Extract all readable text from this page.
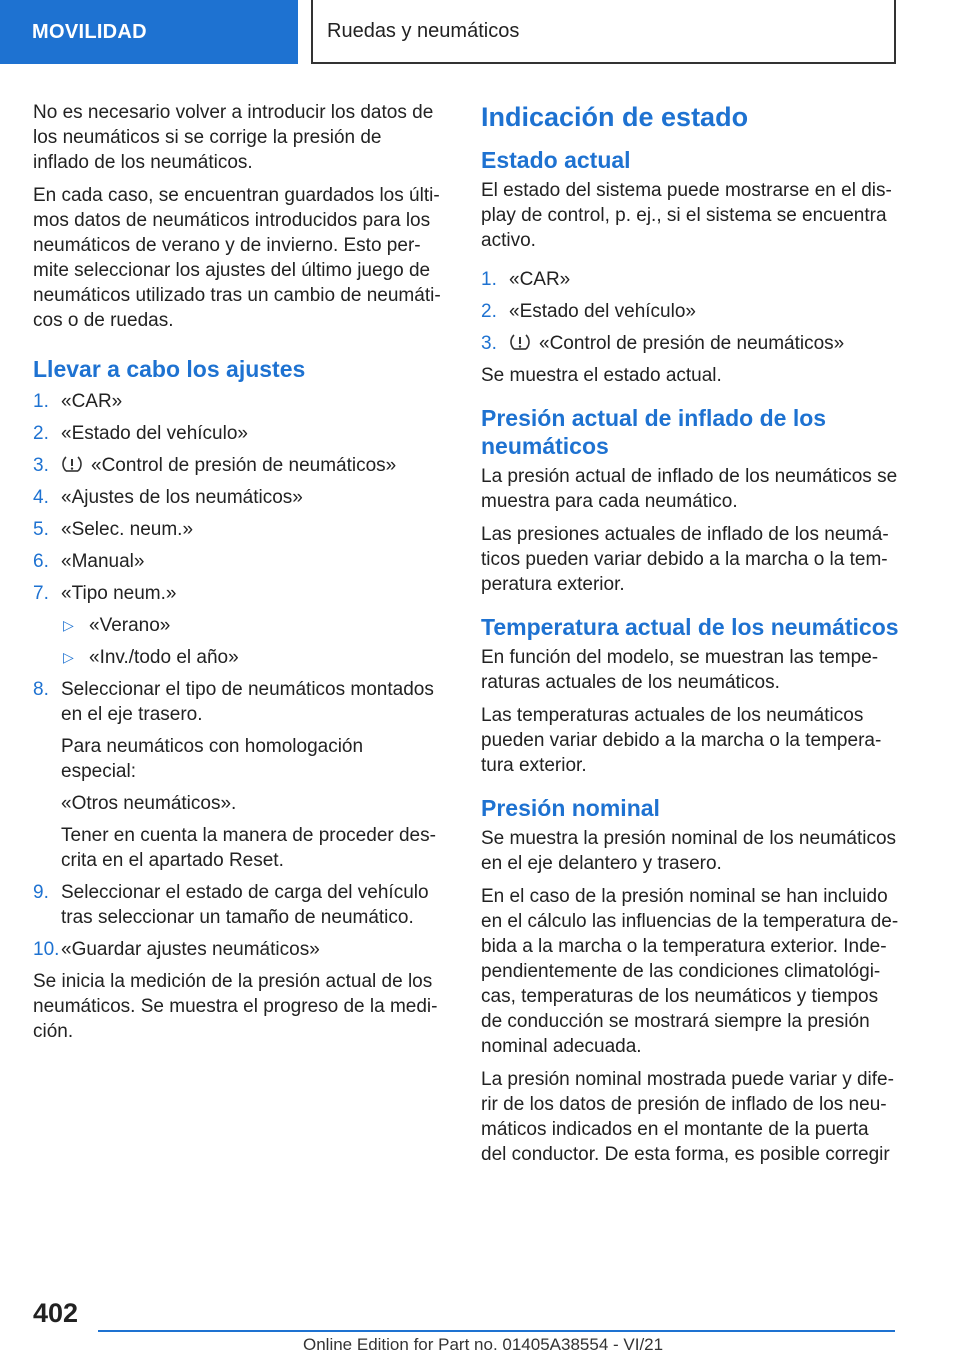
MOVILIDAD	Ruedas y neumáticos

No es necesario volver a introducir los datos de los neumáticos si se corrige la presión de inflado de los neumáticos.

En cada caso, se encuentran guardados los últi-mos datos de neumáticos introducidos para los neumáticos de verano y de invierno. Esto per-mite seleccionar los ajustes del último juego de neumáticos utilizado tras un cambio de neumáti-cos o de ruedas.

Llevar a cabo los ajustes
1. «CAR»
2. «Estado del vehículo»
3. «Control de presión de neumáticos»
4. «Ajustes de los neumáticos»
5. «Selec. neum.»
6. «Manual»
7. «Tipo neum.»
▷ «Verano»
▷ «Inv./todo el año»
8. Seleccionar el tipo de neumáticos montados en el eje trasero.
Para neumáticos con homologación especial:
«Otros neumáticos».
Tener en cuenta la manera de proceder des-crita en el apartado Reset.
9. Seleccionar el estado de carga del vehículo tras seleccionar un tamaño de neumático.
10. «Guardar ajustes neumáticos»

Se inicia la medición de la presión actual de los neumáticos. Se muestra el progreso de la medi-ción.

Indicación de estado
Estado actual

El estado del sistema puede mostrarse en el dis-play de control, p. ej., si el sistema se encuentra activo.

1. «CAR»
2. «Estado del vehículo»
3. «Control de presión de neumáticos»

Se muestra el estado actual.

Presión actual de inflado de los neumáticos

La presión actual de inflado de los neumáticos se muestra para cada neumático.

Las presiones actuales de inflado de los neumá-ticos pueden variar debido a la marcha o la tem-peratura exterior.

Temperatura actual de los neumáticos

En función del modelo, se muestran las tempe-raturas actuales de los neumáticos.

Las temperaturas actuales de los neumáticos pueden variar debido a la marcha o la tempera-tura exterior.

Presión nominal

Se muestra la presión nominal de los neumáticos en el eje delantero y trasero.

En el caso de la presión nominal se han incluido en el cálculo las influencias de la temperatura de-bida a la marcha o la temperatura exterior. Inde-pendientemente de las condiciones climatológi-cas, temperaturas de los neumáticos y tiempos de conducción se mostrará siempre la presión nominal adecuada.

La presión nominal mostrada puede variar y dife-rir de los datos de presión de inflado de los neu-máticos indicados en el montante de la puerta del conductor. De esta forma, es posible corregir

402
Online Edition for Part no. 01405A38554 - VI/21
